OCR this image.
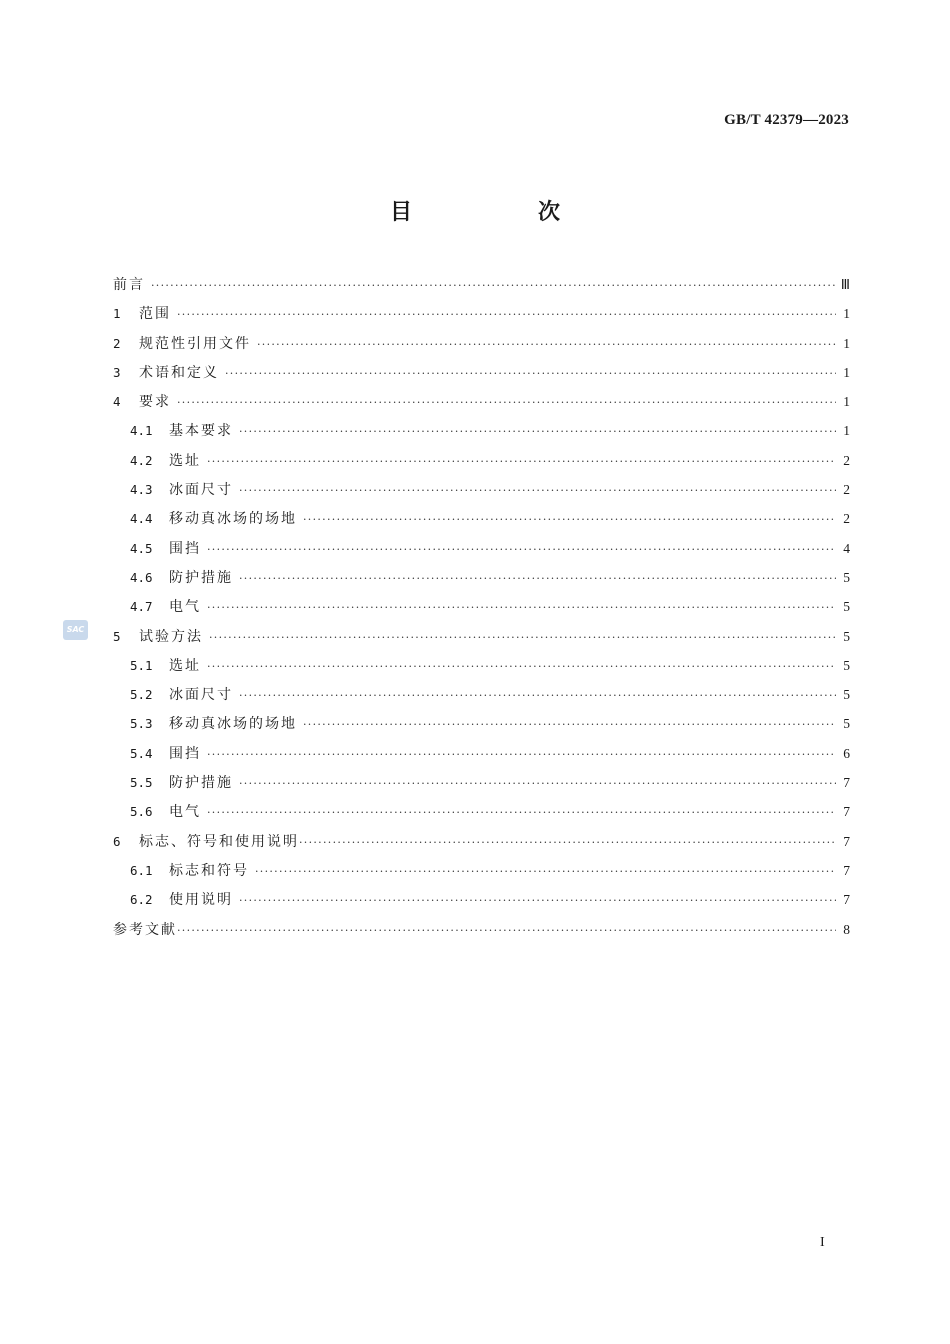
GB/T 42379—2023
目　次
前言 ·····	Ⅲ
1	范围 ·····	1
2	规范性引用文件 ·····	1
3	术语和定义 ·····	1
4	要求 ·····	1
4.1	基本要求 ·····	1
4.2	选址 ·····	2
4.3	冰面尺寸 ·····	2
4.4	移动真冰场的场地 ·····	2
4.5	围挡 ·····	4
4.6	防护措施 ·····	5
4.7	电气 ·····	5
5	试验方法 ·····	5
5.1	选址 ·····	5
5.2	冰面尺寸 ·····	5
5.3	移动真冰场的场地 ·····	5
5.4	围挡 ·····	6
5.5	防护措施 ·····	7
5.6	电气 ·····	7
6	标志、符号和使用说明 ·····	7
6.1	标志和符号 ·····	7
6.2	使用说明 ·····	7
参考文献 ·····	8
SAC
I
